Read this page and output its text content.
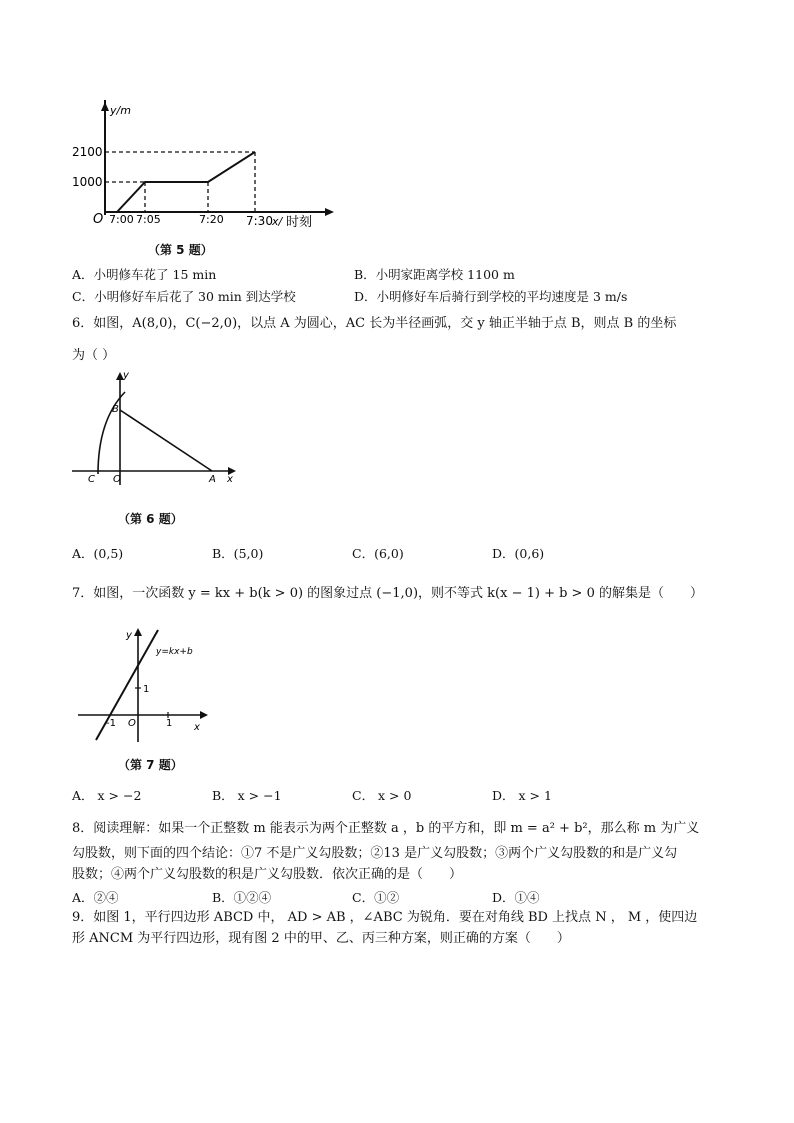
y/m
2100
1000
O 7:00 7:05	7:20 7:30 x/ 时刻
（第 5 题）
A．小明修车花了 15 min	B．小明家距离学校 1100 m
C．小明修好车后花了 30 min 到达学校	D．小明修好车后骑行到学校的平均速度是 3 m/s
6．如图，A(8,0)，C(−2,0)，以点 A 为圆心，AC 长为半径画弧，交 y 轴正半轴于点 B，则点 B 的坐标
为（ ）
y
B
C O	A x
（第 6 题）
A．(0,5)	B．(5,0)	C．(6,0)	D．(0,6)
7．如图，一次函数 y = kx + b(k > 0) 的图象过点 (−1,0)，则不等式 k(x − 1) + b > 0 的解集是（　　）
y
y=kx+b
1
-1 O	1 x
（第 7 题）
A． x > −2	B． x > −1	C． x > 0	D． x > 1
8．阅读理解：如果一个正整数 m 能表示为两个正整数 a ，b 的平方和，即 m = a² + b²，那么称 m 为广义
勾股数，则下面的四个结论：①7 不是广义勾股数；②13 是广义勾股数；③两个广义勾股数的和是广义勾
股数；④两个广义勾股数的积是广义勾股数．依次正确的是（　　）
A．②④	B．①②④	C．①②	D．①④
9．如图 1，平行四边形 ABCD 中， AD > AB ，∠ABC 为锐角．要在对角线 BD 上找点 N ， M ，使四边
形 ANCM 为平行四边形，现有图 2 中的甲、乙、丙三种方案，则正确的方案（　　）
